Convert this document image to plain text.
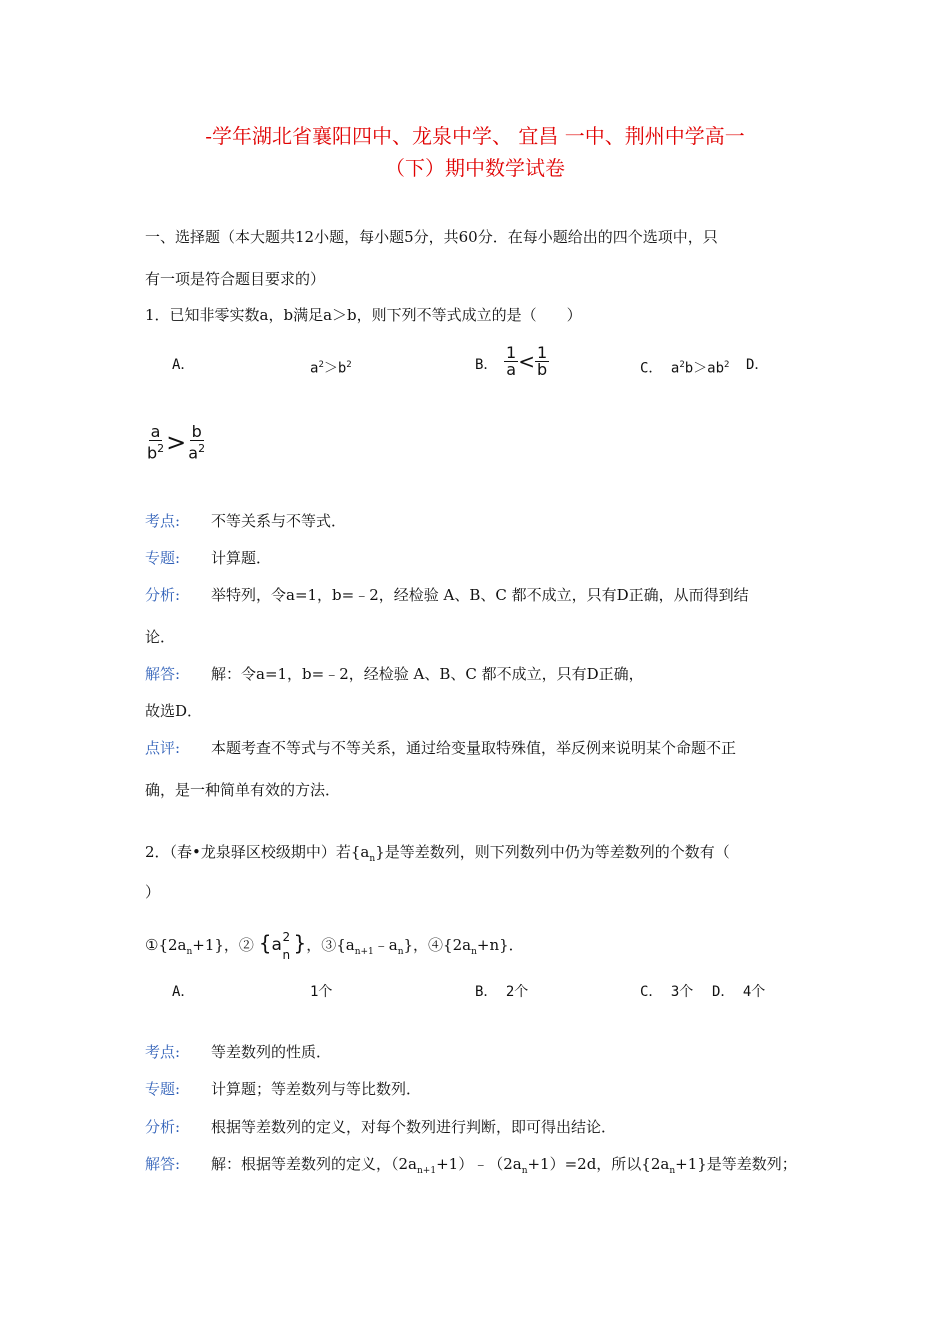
-学年湖北省襄阳四中、龙泉中学、 宜昌 一中、荆州中学高一
（下）期中数学试卷
一、选择题（本大题共12小题，每小题5分，共60分．在每小题给出的四个选项中，只
有一项是符合题目要求的）
1．已知非零实数a，b满足a＞b，则下列不等式成立的是（　　）
A．	$a^2>b^2$	B． $\frac{1}{a} < \frac{1}{b}$	C． $a^2b>ab^2$ D．
$\frac{a}{b^2} > \frac{b}{a^2}$
考点: 不等关系与不等式．
专题: 计算题．
分析: 举特列，令a=1，b=﹣2，经检验 A、B、C 都不成立，只有D正确，从而得到结
论．
解答: 解：令a=1，b=﹣2，经检验 A、B、C 都不成立，只有D正确，
故选D．
点评: 本题考查不等式与不等关系，通过给变量取特殊值，举反例来说明某个命题不正
确，是一种简单有效的方法．
2．（春•龙泉驿区校级期中）若$\{a_n\}$是等差数列，则下列数列中仍为等差数列的个数有（
）
$①\{2a_n+1\}$，② {a 2
n }，$③\{a_{n+1}﹣a_n\}$，$④\{2a_n+n\}$．
A．	1个	B． 2个	C． 3个 D． 4个
考点: 等差数列的性质．
专题: 计算题；等差数列与等比数列．
分析: 根据等差数列的定义，对每个数列进行判断，即可得出结论．
解答: 解：根据等差数列的定义，$(2a_{n+1}+1)﹣(2a_n+1)=2d$，所以$\{2a_n+1\}$是等差数列；
